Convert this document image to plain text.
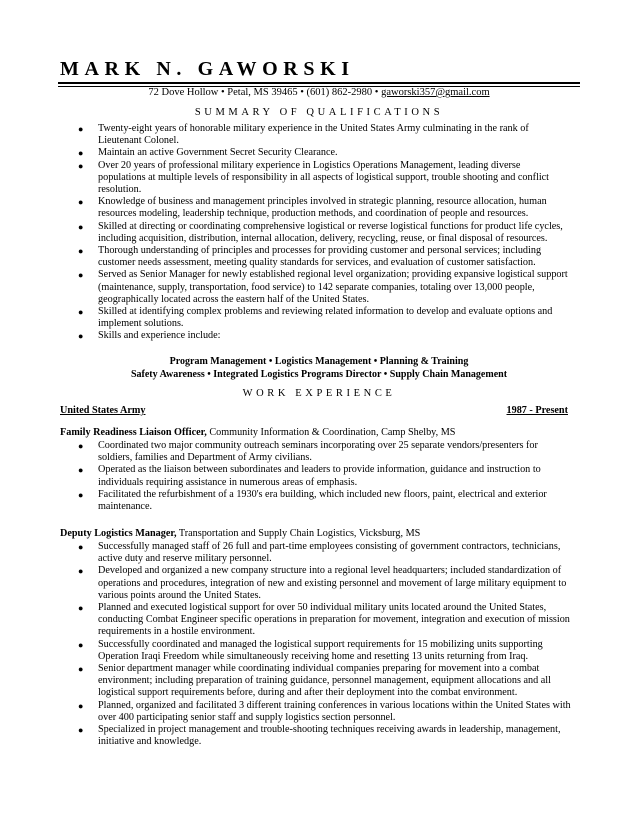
MARK N. GAWORSKI
72 Dove Hollow • Petal, MS 39465 • (601) 862-2980 • gaworski357@gmail.com
SUMMARY OF QUALIFICATIONS
● Twenty-eight years of honorable military experience in the United States Army culminating in the rank of Lieutenant Colonel.
● Maintain an active Government Secret Security Clearance.
● Over 20 years of professional military experience in Logistics Operations Management, leading diverse populations at multiple levels of responsibility in all aspects of logistical support, trouble shooting and conflict resolution.
● Knowledge of business and management principles involved in strategic planning, resource allocation, human resources modeling, leadership technique, production methods, and coordination of people and resources.
● Skilled at directing or coordinating comprehensive logistical or reverse logistical functions for product life cycles, including acquisition, distribution, internal allocation, delivery, recycling, reuse, or final disposal of resources.
● Thorough understanding of principles and processes for providing customer and personal services; including customer needs assessment, meeting quality standards for services, and evaluation of customer satisfaction.
● Served as Senior Manager for newly established regional level organization; providing expansive logistical support (maintenance, supply, transportation, food service) to 142 separate companies, totaling over 13,000 people, geographically located across the eastern half of the United States.
● Skilled at identifying complex problems and reviewing related information to develop and evaluate options and implement solutions.
● Skills and experience include:
Program Management • Logistics Management • Planning & Training
Safety Awareness • Integrated Logistics Programs Director • Supply Chain Management
WORK EXPERIENCE
United States Army	1987 - Present
Family Readiness Liaison Officer, Community Information & Coordination, Camp Shelby, MS
● Coordinated two major community outreach seminars incorporating over 25 separate vendors/presenters for soldiers, families and Department of Army civilians.
● Operated as the liaison between subordinates and leaders to provide information, guidance and instruction to individuals requiring assistance in numerous areas of emphasis.
● Facilitated the refurbishment of a 1930's era building, which included new floors, paint, electrical and exterior maintenance.
Deputy Logistics Manager, Transportation and Supply Chain Logistics, Vicksburg, MS
● Successfully managed staff of 26 full and part-time employees consisting of government contractors, technicians, active duty and reserve military personnel.
● Developed and organized a new company structure into a regional level headquarters; included standardization of operations and procedures, integration of new and existing personnel and movement of large military equipment to various points around the United States.
● Planned and executed logistical support for over 50 individual military units located around the United States, conducting Combat Engineer specific operations in preparation for movement, integration and execution of mission requirements in a hostile environment.
● Successfully coordinated and managed the logistical support requirements for 15 mobilizing units supporting Operation Iraqi Freedom while simultaneously receiving home and resetting 13 units returning from Iraq.
● Senior department manager while coordinating individual companies preparing for movement into a combat environment; including preparation of training guidance, personnel management, equipment allocations and all logistical support requirements before, during and after their deployment into the combat environment.
● Planned, organized and facilitated 3 different training conferences in various locations within the United States with over 400 participating senior staff and supply logistics section personnel.
● Specialized in project management and trouble-shooting techniques receiving awards in leadership, management, initiative and knowledge.
